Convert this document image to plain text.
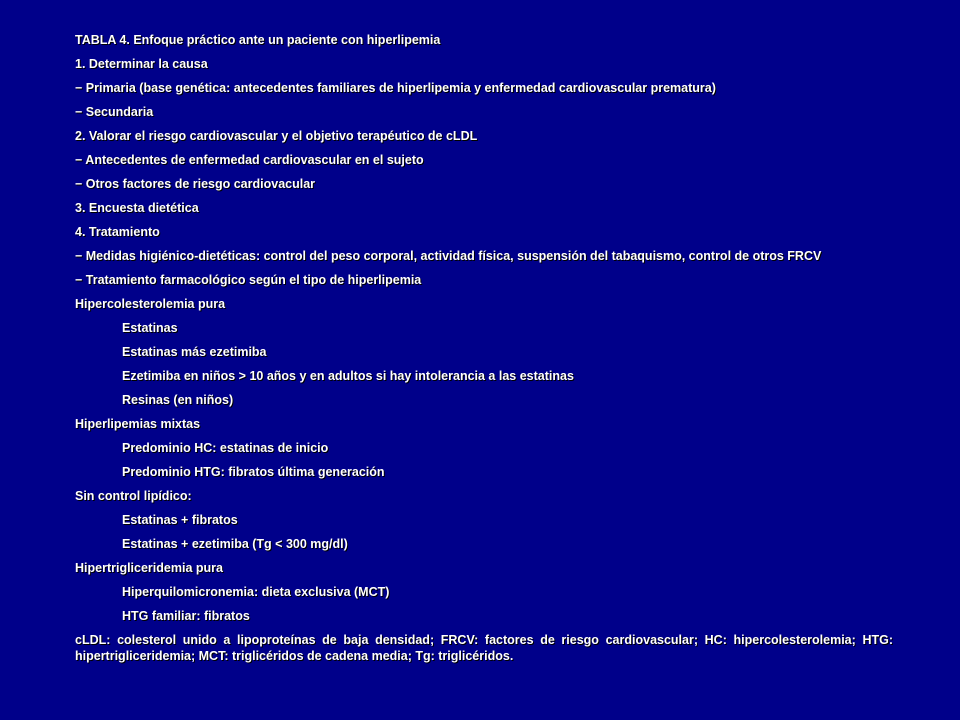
TABLA 4. Enfoque práctico ante un paciente con hiperlipemia
1. Determinar la causa
− Primaria (base genética: antecedentes familiares de hiperlipemia y enfermedad cardiovascular prematura)
− Secundaria
2. Valorar el riesgo cardiovascular y el objetivo terapéutico de cLDL
− Antecedentes de enfermedad cardiovascular en el sujeto
− Otros factores de riesgo cardiovacular
3. Encuesta dietética
4. Tratamiento
− Medidas higiénico-dietéticas: control del peso corporal, actividad física, suspensión del tabaquismo, control de otros FRCV
− Tratamiento farmacológico según el tipo de hiperlipemia
Hipercolesterolemia pura
Estatinas
Estatinas más ezetimiba
Ezetimiba en niños > 10 años y en adultos si hay intolerancia a las estatinas
Resinas (en niños)
Hiperlipemias mixtas
Predominio HC: estatinas de inicio
Predominio HTG: fibratos última generación
Sin control lipídico:
Estatinas + fibratos
Estatinas + ezetimiba (Tg < 300 mg/dl)
Hipertrigliceridemia pura
Hiperquilomicronemia: dieta exclusiva (MCT)
HTG familiar: fibratos
cLDL: colesterol unido a lipoproteínas de baja densidad; FRCV: factores de riesgo cardiovascular; HC: hipercolesterolemia; HTG: hipertrigliceridemia; MCT: triglicéridos de cadena media; Tg: triglicéridos.
